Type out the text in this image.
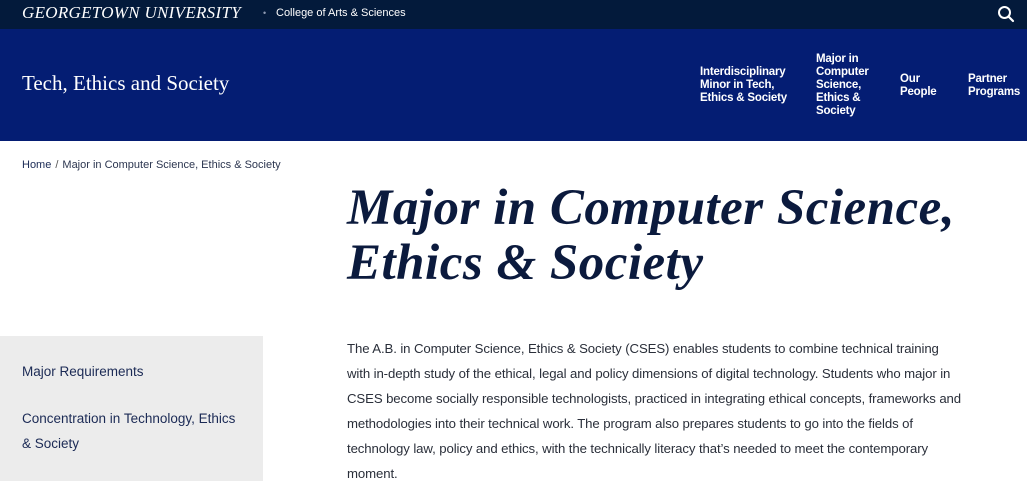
GEORGETOWN UNIVERSITY • College of Arts & Sciences
Tech, Ethics and Society	Interdisciplinary Minor in Tech, Ethics & Society
Major in Computer Science, Ethics & Society
Our People
Partner Programs
Home / Major in Computer Science, Ethics & Society
Major in Computer Science, Ethics & Society
Major Requirements
Concentration in Technology, Ethics & Society

The A.B. in Computer Science, Ethics & Society (CSES) enables students to combine technical training with in-depth study of the ethical, legal and policy dimensions of digital technology. Students who major in CSES become socially responsible technologists, practiced in integrating ethical concepts, frameworks and methodologies into their technical work. The program also prepares students to go into the fields of technology law, policy and ethics, with the technically literacy that’s needed to meet the contemporary moment.
